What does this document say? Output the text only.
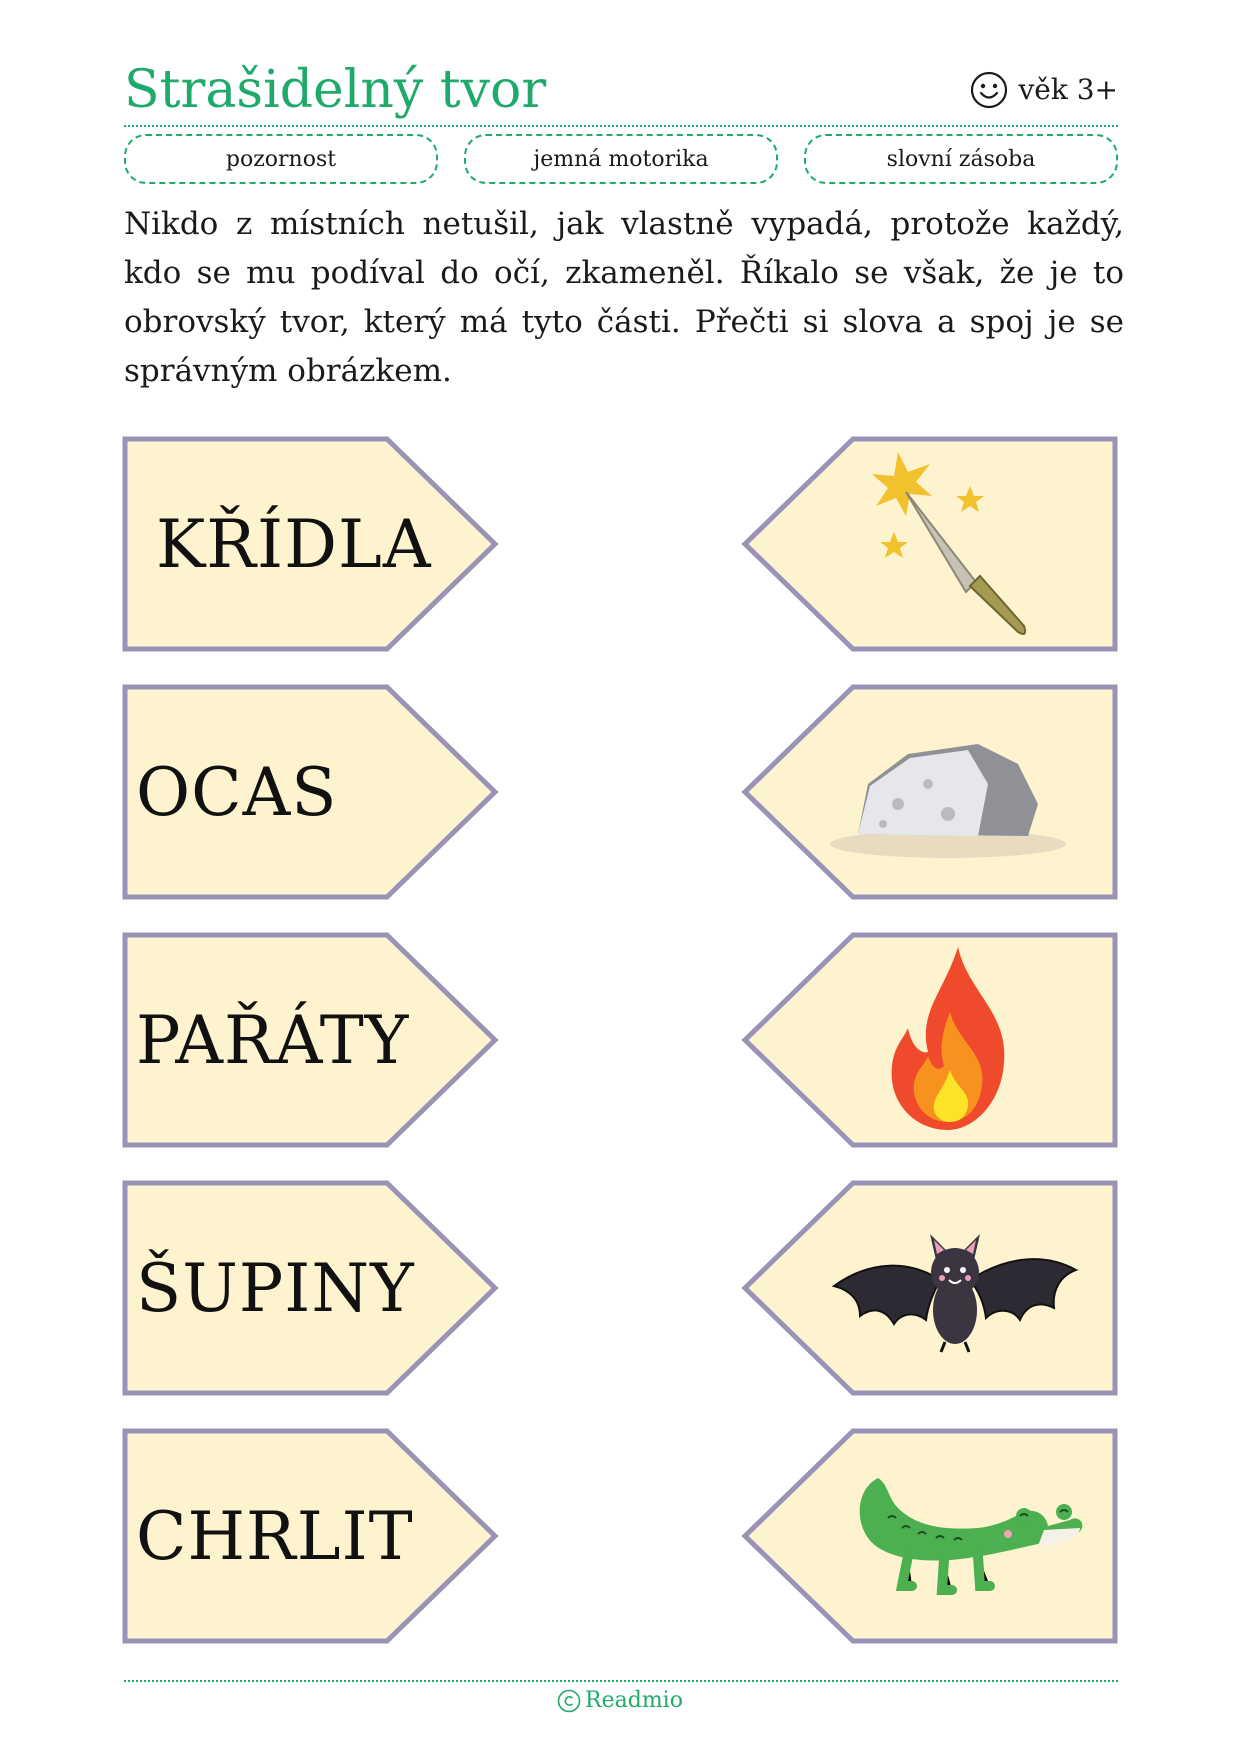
Strašidelný tvor	věk 3+
pozornost	jemná motorika	slovní zásoba
Nikdo z místních netušil, jak vlastně vypadá, protože každý, kdo se mu podíval do očí, zkameněl. Říkalo se však, že je to obrovský tvor, který má tyto části. Přečti si slova a spoj je se správným obrázkem.
KŘÍDLA
OCAS
PAŘÁTY
ŠUPINY
CHRLIT
Readmio
